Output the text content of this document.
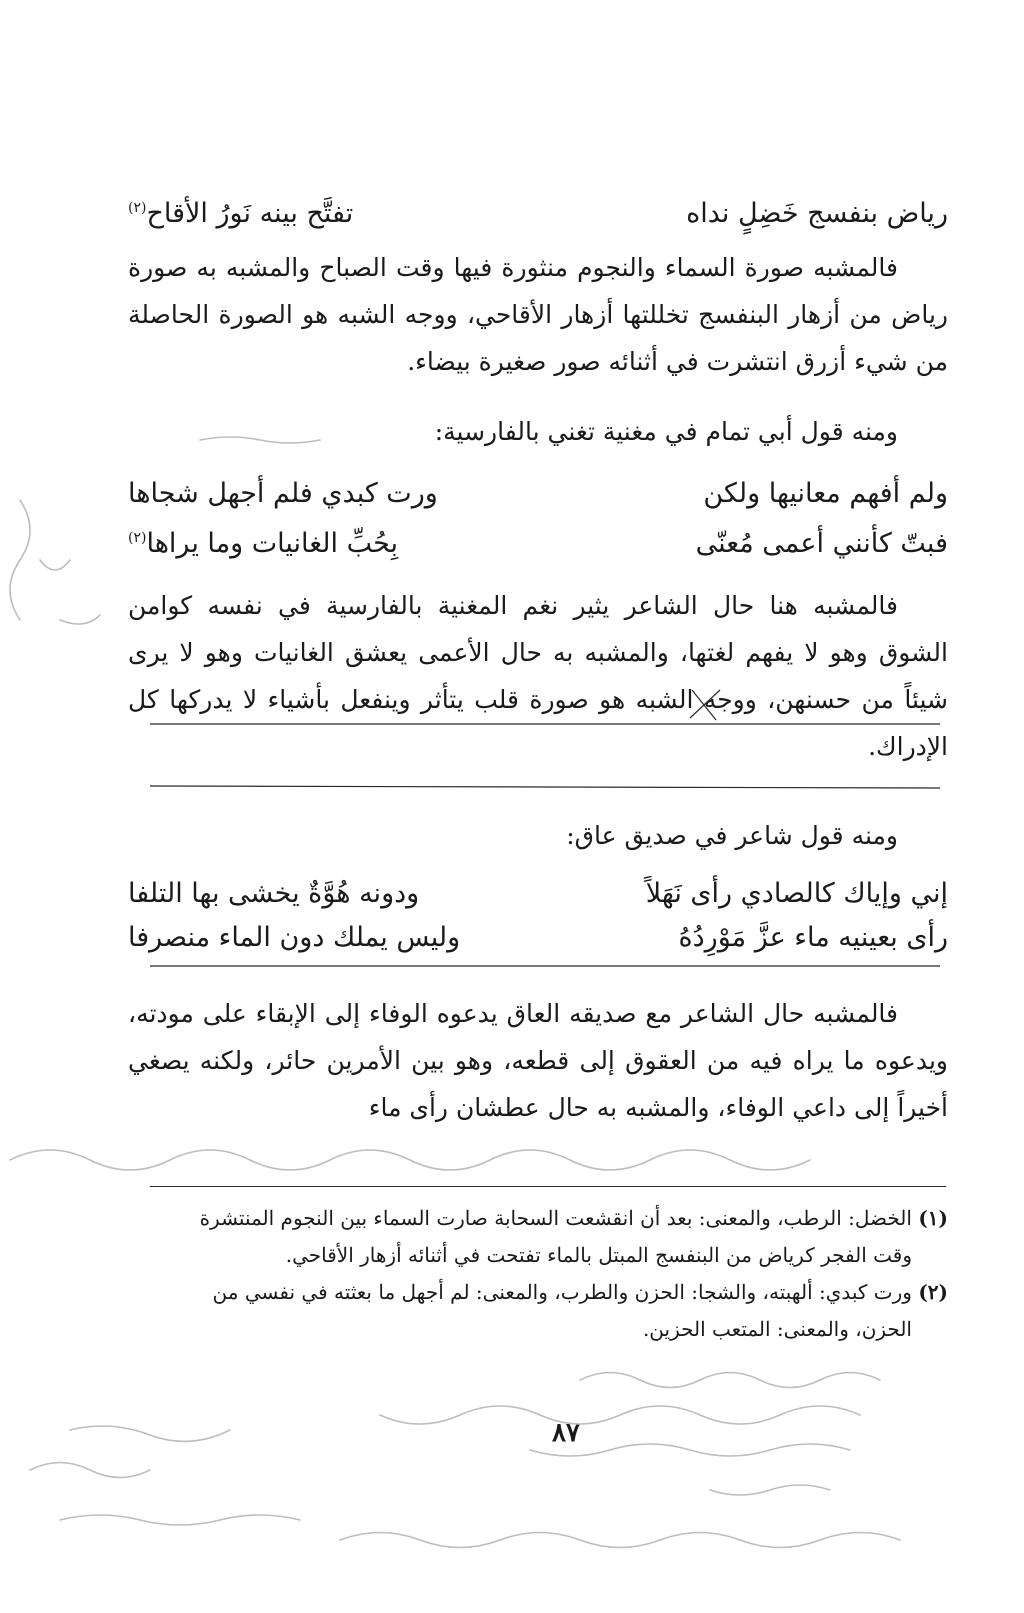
رياض بنفسج خَضِلٍ نداه
تفتَّح بينه نَورُ الأقاح$^{(٢)}$
فالمشبه صورة السماء والنجوم منثورة فيها وقت الصباح والمشبه به صورة رياض من أزهار البنفسج تخللتها أزهار الأقاحي، ووجه الشبه هو الصورة الحاصلة من شيء أزرق انتشرت في أثنائه صور صغيرة بيضاء.
ومنه قول أبي تمام في مغنية تغني بالفارسية:
ولم أفهم معانيها ولكن
ورت كبدي فلم أجهل شجاها
فبتّ كأنني أعمى مُعنّى
بِحُبِّ الغانيات وما يراها$^{(٢)}$
فالمشبه هنا حال الشاعر يثير نغم المغنية بالفارسية في نفسه كوامن الشوق وهو لا يفهم لغتها، والمشبه به حال الأعمى يعشق الغانيات وهو لا يرى شيئاً من حسنهن، ووجه الشبه هو صورة قلب يتأثر وينفعل بأشياء لا يدركها كل الإدراك.
ومنه قول شاعر في صديق عاق:
إني وإياك كالصادي رأى نَهَلاً
ودونه هُوَّةٌ يخشى بها التلفا
رأى بعينيه ماء عزَّ مَوْرِدُهُ
وليس يملك دون الماء منصرفا
فالمشبه حال الشاعر مع صديقه العاق يدعوه الوفاء إلى الإبقاء على مودته، ويدعوه ما يراه فيه من العقوق إلى قطعه، وهو بين الأمرين حائر، ولكنه يصغي أخيراً إلى داعي الوفاء، والمشبه به حال عطشان رأى ماء
(١) الخضل: الرطب، والمعنى: بعد أن انقشعت السحابة صارت السماء بين النجوم المنتشرة
وقت الفجر كرياض من البنفسج المبتل بالماء تفتحت في أثنائه أزهار الأقاحي.
(٢) ورت كبدي: ألهبته، والشجا: الحزن والطرب، والمعنى: لم أجهل ما بعثته في نفسي من
الحزن، والمعنى: المتعب الحزين.
٨٧
